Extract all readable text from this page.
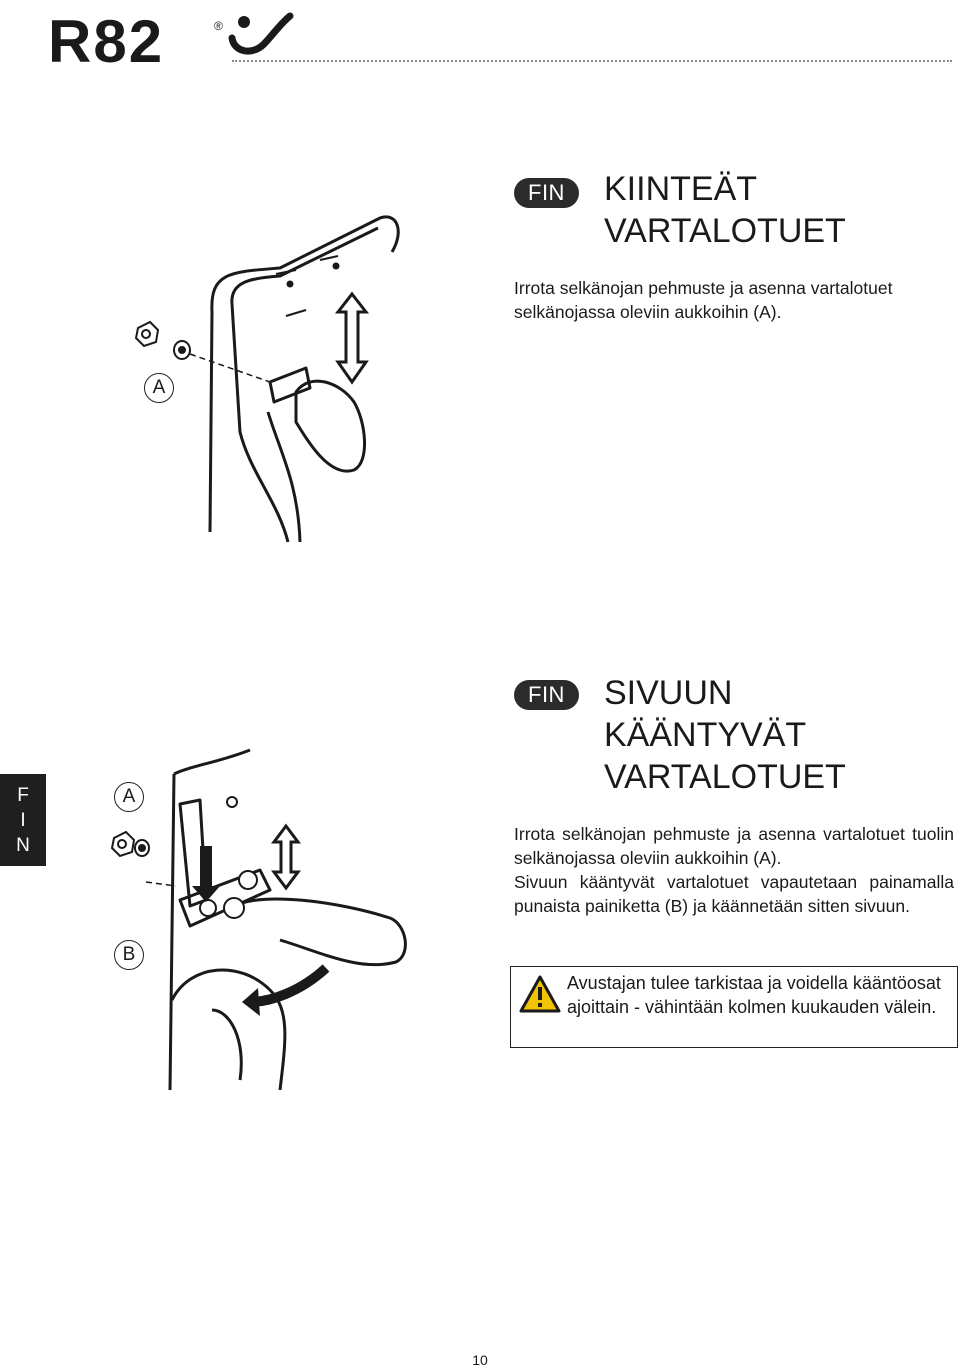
R82	®
FIN	KIINTEÄT
VARTALOTUET

Irrota selkänojan pehmuste ja asenna vartalotuet

selkänojassa oleviin aukkoihin (A).

A
F
I
N
FIN	SIVUUN
KÄÄNTYVÄT
VARTALOTUET

Irrota selkänojan pehmuste ja asenna vartalotuet tuolin selkänojassa oleviin aukkoihin (A).

Sivuun kääntyvät vartalotuet vapautetaan painamalla punaista painiketta (B) ja käännetään sitten sivuun.

Avustajan tulee tarkistaa ja voidella kääntöosat ajoittain - vähintään kolmen kuukauden välein.

A
B
10
